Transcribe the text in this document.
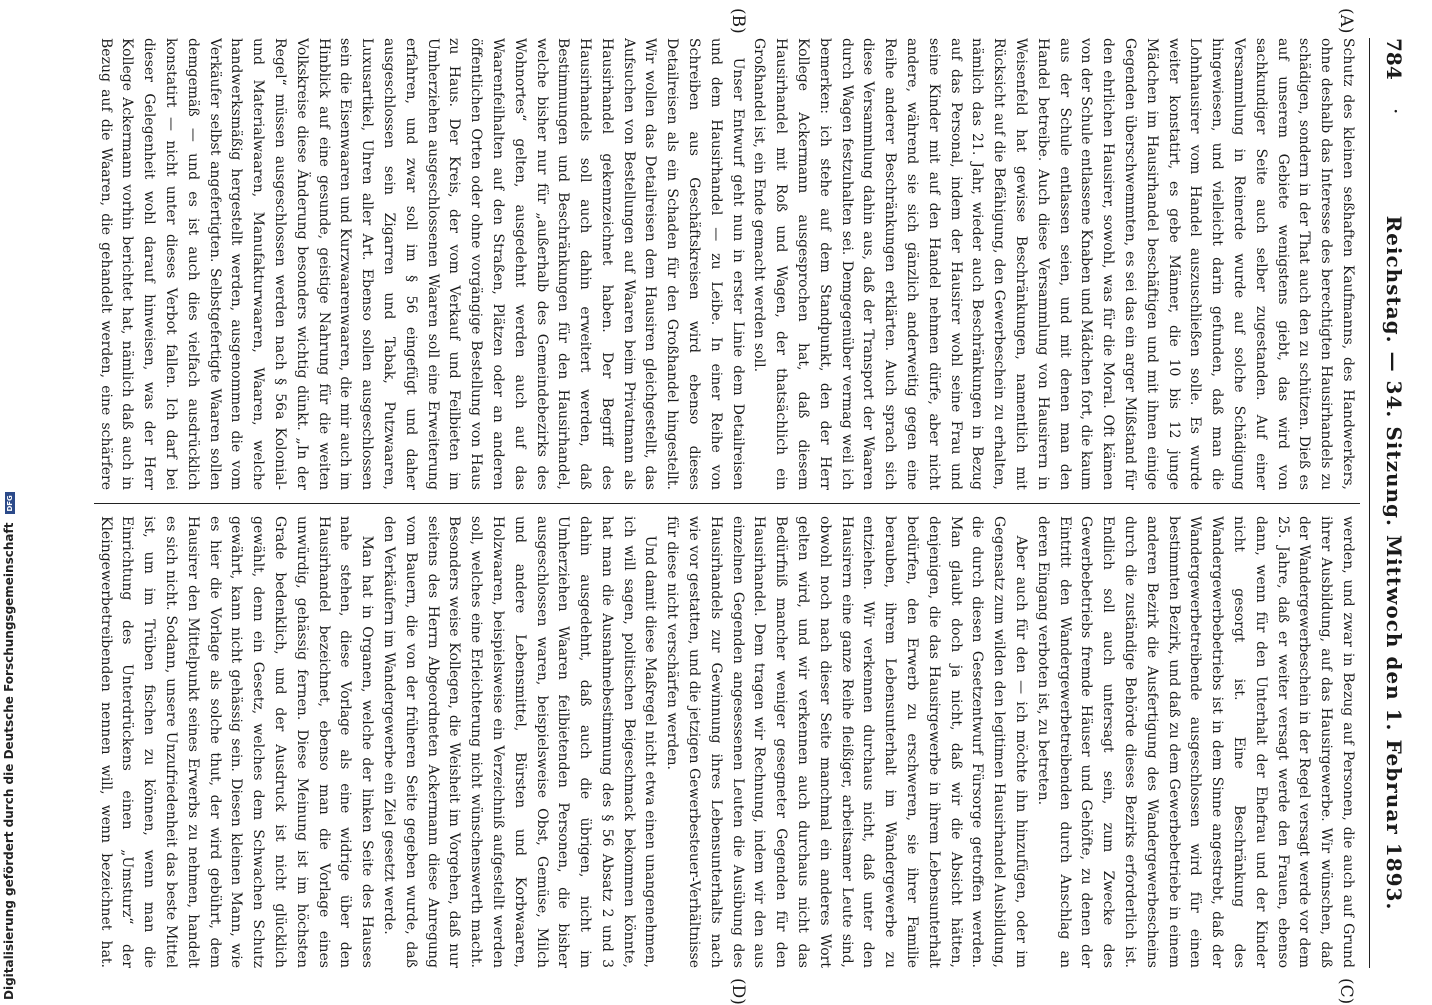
784
·
Reichstag. — 34. Sitzung. Mittwoch den 1. Februar 1893.
(A)
(B)
(C)
(D)

Schutz des kleinen seßhaften Kaufmanns, des Handwerkers, ohne deshalb das Interesse des berechtigten Hausirhandels zu schädigen, sondern in der That auch den zu schützen. Dieß es auf unserem Gebiete wenigstens giebt, das wird von sachkundiger Seite auch selber zugestanden. Auf einer Versammlung in Reinerde wurde auf solche Schädigung hingewiesen, und vielleicht darin gefunden, daß man die Lohnhausirer vom Handel auszuschließen solle. Es wurde weiter konstatirt, es gebe Männer, die 10 bis 12 junge Mädchen im Hausirhandel beschäftigen und mit ihnen einige Gegenden überschwemmten, es sei das ein arger Mißstand für den ehrlichen Hausirer, sowohl, was für die Moral. Oft kämen von der Schule entlassene Knaben und Mädchen fort, die kaum aus der Schule entlassen seien, und mit denen man den Handel betreibe. Auch diese Versammlung von Hausirern in Weisenfeld hat gewisse Beschränkungen, namentlich mit Rücksicht auf die Befähigung, den Gewerbeschein zu erhalten, nämlich das 21. Jahr, wieder auch Beschränkungen in Bezug auf das Personal, indem der Hausirer wohl seine Frau und seine Kinder mit auf den Handel nehmen dürfe, aber nicht andere, während sie sich gänzlich anderweitig gegen eine Reihe anderer Beschränkungen erklärten. Auch sprach sich diese Versammlung dahin aus, daß der Transport der Waaren durch Wagen festzuhalten sei. Demgegenüber vermag weil ich bemerken: ich stehe auf dem Standpunkt, den der Herr Kollege Ackermann ausgesprochen hat, daß diesem Hausirhandel mit Roß und Wagen, der thatsächlich ein Großhandel ist, ein Ende gemacht werden soll.

Unser Entwurf geht nun in erster Linie dem Detailreisen und dem Hausirhandel — zu Leibe. In einer Reihe von Schreiben aus Geschäftskreisen wird ebenso dieses Detailreisen als ein Schaden für den Großhandel hingestellt. Wir wollen das Detailreisen dem Hausiren gleichgestellt, das Aufsuchen von Bestellungen auf Waaren beim Privatmann als Hausirhandel gekennzeichnet haben. Der Begriff des Hausirhandels soll auch dahin erweitert werden, daß Bestimmungen und Beschränkungen für den Hausirhandel, welche bisher nur für „außerhalb des Gemeindebezirks des Wohnortes“ gelten, ausgedehnt werden auch auf das Waarenfeilhalten auf den Straßen, Plätzen oder an anderen öffentlichen Orten oder ohne vorgängige Bestellung von Haus zu Haus. Der Kreis, der vom Verkauf und Feilbieten im Umherziehen ausgeschlossenen Waaren soll eine Erweiterung erfahren, und zwar soll im § 56 eingefügt und daher ausgeschlossen sein Zigarren und Tabak, Putzwaaren, Luxusartikel, Uhren aller Art. Ebenso sollen ausgeschlossen sein die Eisenwaaren und Kurzwaarenwaaren, die mir auch im Hinblick auf eine gesunde, geistige Nahrung für die weiten Volkskreise diese Änderung besonders wichtig dünkt. „In der Regel“ müssen ausgeschlossen werden nach § 56a Kolonial- und Materialwaaren, Manufakturwaaren, Waaren, welche handwerksmäßig hergestellt werden, ausgenommen die vom Verkäufer selbst angefertigten. Selbstgefertigte Waaren sollen demgemäß — und es ist auch dies vielfach ausdrücklich konstatirt — nicht unter dieses Verbot fallen. Ich darf bei dieser Gelegenheit wohl darauf hinweisen, was der Herr Kollege Ackermann vorhin berichtet hat, nämlich daß auch in Bezug auf die Waaren, die gehandelt werden, eine schärfere

werden, und zwar in Bezug auf Personen, die auch auf Grund ihrer Ausbildung, auf das Hausirgewerbe. Wir wünschen, daß der Wandergewerbeschein in der Regel versagt werde vor dem 25. Jahre, daß er weiter versagt werde den Frauen, ebenso dann, wenn für den Unterhalt der Ehefrau und der Kinder nicht gesorgt ist. Eine Beschränkung des Wandergewerbebetriebs ist in dem Sinne angestrebt, daß der Wandergewerbetreibende ausgeschlossen wird für einen bestimmten Bezirk, und daß zu dem Gewerbebetriebe in einem anderen Bezirk die Ausfertigung des Wandergewerbescheins durch die zuständige Behörde dieses Bezirks erforderlich ist. Endlich soll auch untersagt sein, zum Zwecke des Gewerbebetriebs fremde Häuser und Gehöfte, zu denen der Eintritt den Wandergewerbetreibenden durch Anschlag an deren Eingang verboten ist, zu betreten.

Aber auch für den — ich möchte ihn hinzufügen, oder im Gegensatz zum wilden den legitimen Hausirhandel Ausbildung, die durch diesen Gesetzentwurf Fürsorge getroffen werden. Man glaubt doch ja nicht, daß wir die Absicht hätten, denjenigen, die das Hausirgewerbe in ihrem Lebensunterhalt bedürfen, den Erwerb zu erschweren, sie ihrer Familie berauben, ihrem Lebensunterhalt im Wandergewerbe zu entziehen. Wir verkennen durchaus nicht, daß unter den Hausirern eine ganze Reihe fleißiger, arbeitsamer Leute sind, obwohl noch nach dieser Seite manchmal ein anderes Wort gelten wird, und wir verkennen auch durchaus nicht das Bedürfniß mancher weniger gesegneter Gegenden für den Hausirhandel. Dem tragen wir Rechnung, indem wir den aus einzelnen Gegenden angesessenen Leuten die Ausübung des Hausirhandels zur Gewinnung ihres Lebensunterhalts nach wie vor gestatten, und die jetzigen Gewerbesteuer-Verhältnisse für diese nicht verschärfen werden.

Und damit diese Maßregel nicht etwa einen unangenehmen, ich will sagen, politischen Beigeschmack bekommen könnte, hat man die Ausnahmebestimmung des § 56 Absatz 2 und 3 dahin ausgedehnt, daß auch die übrigen, nicht im Umherziehen Waaren feilbietenden Personen, die bisher ausgeschlossen waren, beispielsweise Obst, Gemüse, Milch und andere Lebensmittel, Bürsten und Korbwaaren, Holzwaaren, beispielsweise ein Verzeichniß aufgestellt werden soll, welches eine Erleichterung nicht wünschenswerth macht. Besonders weise Kollegen, die Weisheit im Vorgehen, daß nur seitens des Herrn Abgeordneten Ackermann diese Anregung vom Bauern, die von der früheren Seite gegeben wurde, daß den Verkäufern im Wandergewerbe ein Ziel gesetzt werde.

Man hat in Organen, welche der linken Seite des Hauses nahe stehen, diese Vorlage als eine widrige über den Hausirhandel bezeichnet, ebenso man die Vorlage eines unwürdig, gehässig fernen. Diese Meinung ist im höchsten Grade bedenklich, und der Ausdruck ist nicht glücklich gewählt, denn ein Gesetz, welches dem Schwachen Schutz gewährt, kann nicht gehässig sein. Diesen kleinen Mann, wie es hier die Vorlage als solche thut, der wird gebührt, dem Hausirer den Mittelpunkt seines Erwerbs zu nehmen, handelt es sich nicht. Sodann, unsere Unzufriedenheit das beste Mittel ist, um im Trüben fischen zu können, wenn man die Einrichtung des Unterdrückens einen „Umsturz“ der Kleingewerbetreibenden nennen will, wenn bezeichnet hat.

Digitalisierung gefördert durch die Deutsche Forschungsgemeinschaft DFG
